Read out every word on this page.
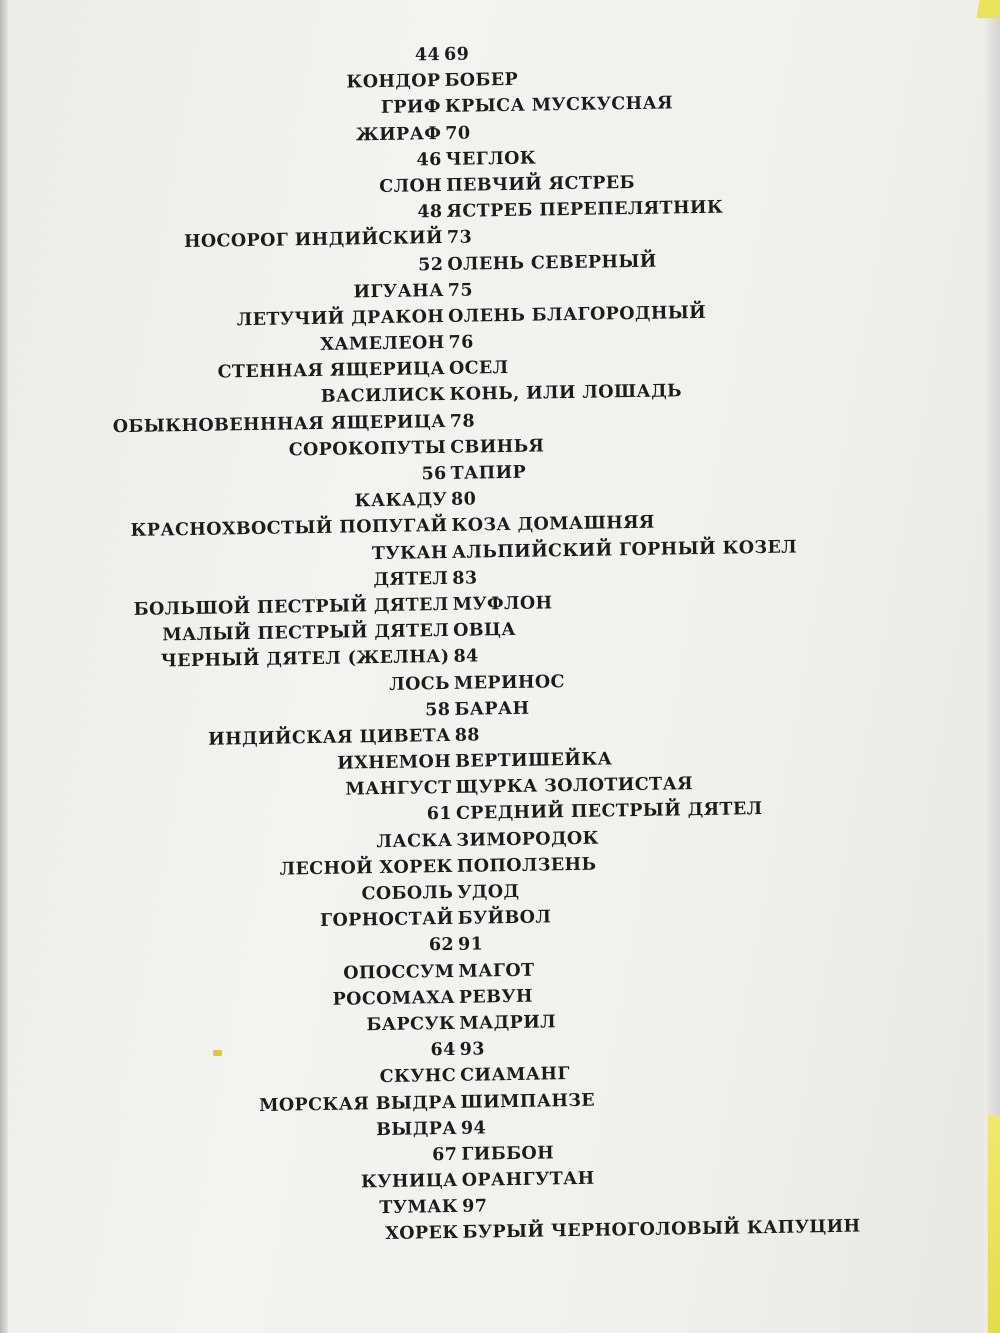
44
КОНДОР
ГРИФ
ЖИРАФ
46
СЛОН
48
НОСОРОГ ИНДИЙСКИЙ
52
ИГУАНА
ЛЕТУЧИЙ ДРАКОН
ХАМЕЛЕОН
СТЕННАЯ ЯЩЕРИЦА
ВАСИЛИСК
ОБЫКНОВЕНННАЯ ЯЩЕРИЦА
СОРОКОПУТЫ
56
КАКАДУ
КРАСНОХВОСТЫЙ ПОПУГАЙ
ТУКАН
ДЯТЕЛ
БОЛЬШОЙ ПЕСТРЫЙ ДЯТЕЛ
МАЛЫЙ ПЕСТРЫЙ ДЯТЕЛ
ЧЕРНЫЙ ДЯТЕЛ (ЖЕЛНА)
ЛОСЬ
58
ИНДИЙСКАЯ ЦИВЕТА
ИХНЕМОН
МАНГУСТ
61
ЛАСКА
ЛЕСНОЙ ХОРЕК
СОБОЛЬ
ГОРНОСТАЙ
62
ОПОССУМ
РОСОМАХА
БАРСУК
64
СКУНС
МОРСКАЯ ВЫДРА
ВЫДРА
67
КУНИЦА
ТУМАК
ХОРЕК
69
БОБЕР
КРЫСА МУСКУСНАЯ
70
ЧЕГЛОК
ПЕВЧИЙ ЯСТРЕБ
ЯСТРЕБ ПЕРЕПЕЛЯТНИК
73
ОЛЕНЬ СЕВЕРНЫЙ
75
ОЛЕНЬ БЛАГОРОДНЫЙ
76
ОСЕЛ
КОНЬ, ИЛИ ЛОШАДЬ
78
СВИНЬЯ
ТАПИР
80
КОЗА ДОМАШНЯЯ
АЛЬПИЙСКИЙ ГОРНЫЙ КОЗЕЛ
83
МУФЛОН
ОВЦА
84
МЕРИНОС
БАРАН
88
ВЕРТИШЕЙКА
ЩУРКА ЗОЛОТИСТАЯ
СРЕДНИЙ ПЕСТРЫЙ ДЯТЕЛ
ЗИМОРОДОК
ПОПОЛЗЕНЬ
УДОД
БУЙВОЛ
91
МАГОТ
РЕВУН
МАДРИЛ
93
СИАМАНГ
ШИМПАНЗЕ
94
ГИББОН
ОРАНГУТАН
97
БУРЫЙ ЧЕРНОГОЛОВЫЙ КАПУЦИН
